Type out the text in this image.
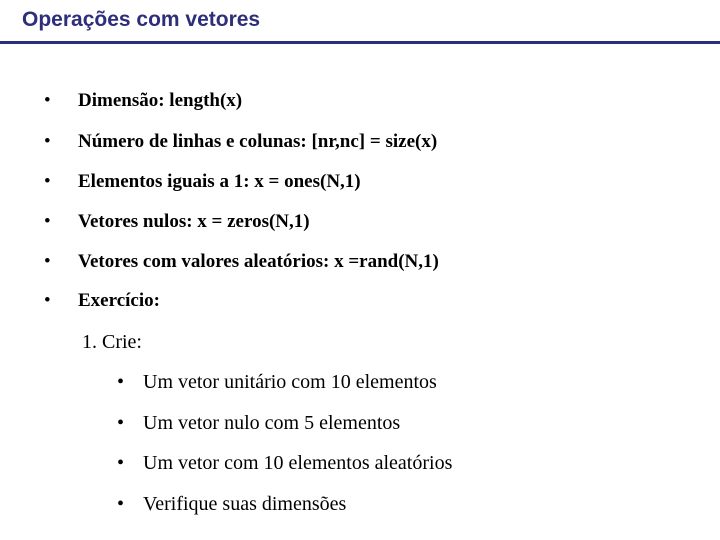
Operações com vetores
• Dimensão: length(x)
• Número de linhas e colunas: [nr,nc] = size(x)
• Elementos iguais a 1: x = ones(N,1)
• Vetores nulos: x = zeros(N,1)
• Vetores com valores aleatórios: x =rand(N,1)
• Exercício:
1. Crie:
• Um vetor unitário com 10 elementos
• Um vetor nulo com 5 elementos
• Um vetor com 10 elementos aleatórios
• Verifique suas dimensões
